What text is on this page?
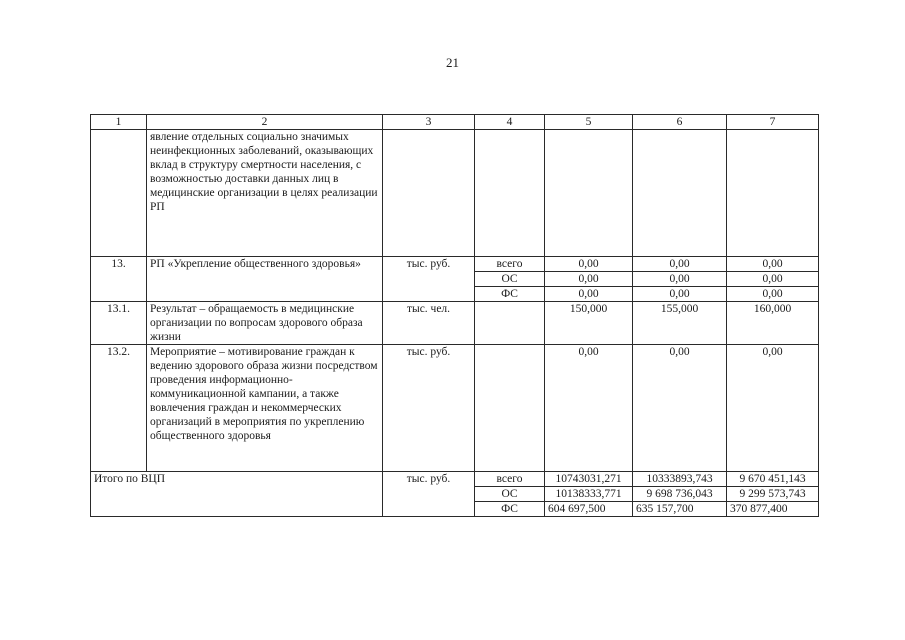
21
1	2	3	4	5	6	7
	явление отдельных социально значимых неинфекционных заболеваний, оказывающих вклад в структуру смертности населения, с возможностью доставки данных лиц в медицинские организации в целях реализации РП					
13.	РП «Укрепление общественного здоровья»	тыс. руб.	всего	0,00	0,00	0,00
			ОС	0,00	0,00	0,00
			ФС	0,00	0,00	0,00
13.1.	Результат – обращаемость в медицинские организации по вопросам здорового образа жизни	тыс. чел.		150,000	155,000	160,000
13.2.	Мероприятие – мотивирование граждан к ведению здорового образа жизни посредством проведения информационно-коммуникационной кампании, а также вовлечения граждан и некоммерческих организаций в мероприятия по укреплению общественного здоровья	тыс. руб.		0,00	0,00	0,00
Итого по ВЦП		тыс. руб.	всего	10743031,271	10333893,743	9 670 451,143
			ОС	10138333,771	9 698 736,043	9 299 573,743
			ФС	604 697,500	635 157,700	370 877,400
